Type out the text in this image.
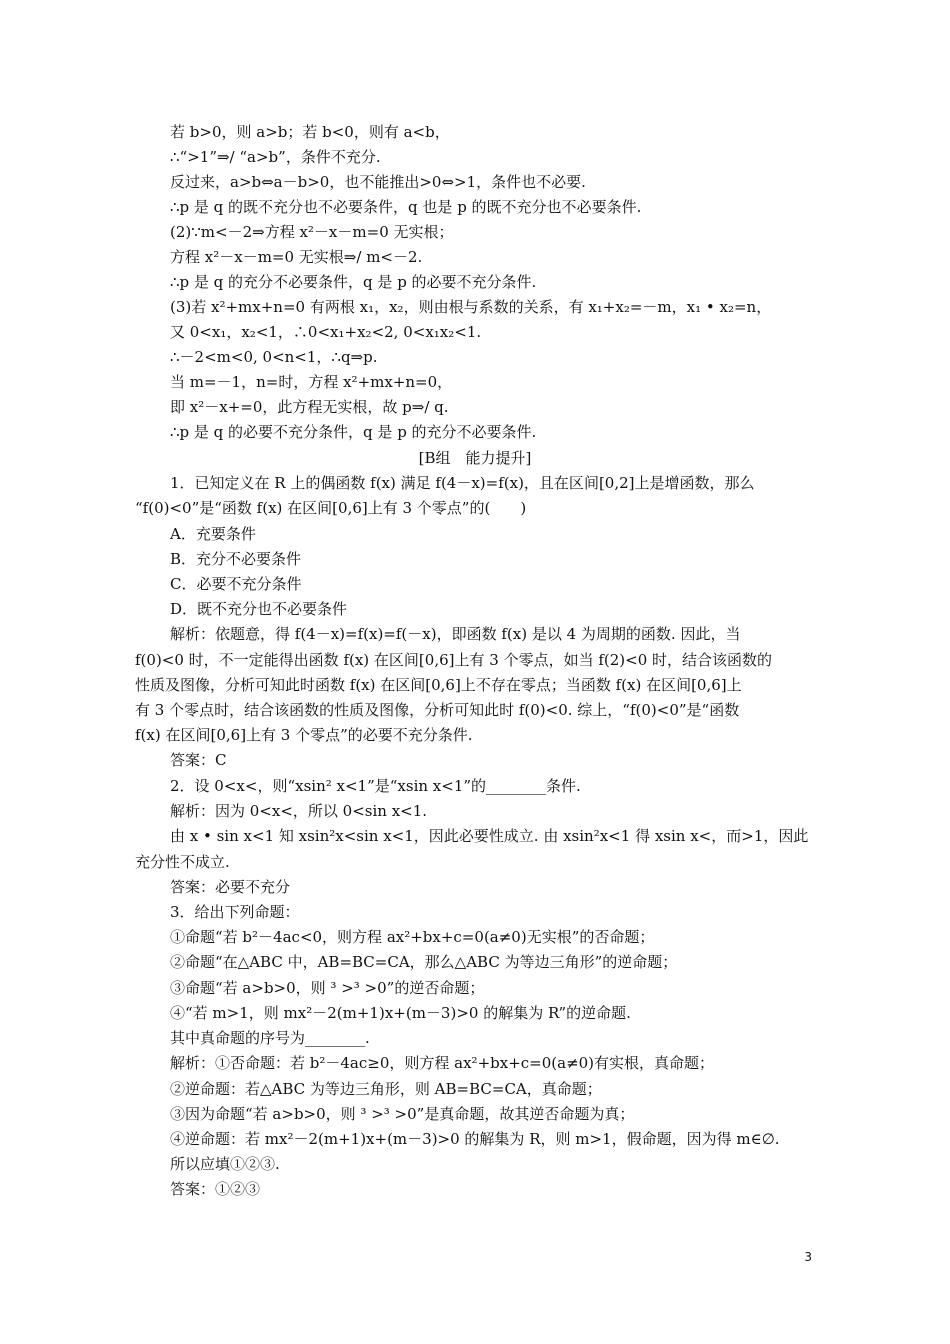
若 b>0，则 a>b；若 b<0，则有 a<b，
∴“>1”⇒/ “a>b”，条件不充分.
反过来，a>b⇔a－b>0，也不能推出>0⇔>1，条件也不必要.
∴p 是 q 的既不充分也不必要条件，q 也是 p 的既不充分也不必要条件.
(2)∵m<－2⇒方程 x²－x－m=0 无实根；
方程 x²－x－m=0 无实根⇒/ m<－2.
∴p 是 q 的充分不必要条件，q 是 p 的必要不充分条件.
(3)若 x²+mx+n=0 有两根 x₁，x₂，则由根与系数的关系，有 x₁+x₂=－m，x₁ • x₂=n，
又 0<x₁，x₂<1，∴0<x₁+x₂<2, 0<x₁x₂<1.
∴－2<m<0, 0<n<1，∴q⇒p.
当 m=－1，n=时，方程 x²+mx+n=0，
即 x²－x+=0，此方程无实根，故 p⇒/ q.
∴p 是 q 的必要不充分条件，q 是 p 的充分不必要条件.
[B组　能力提升]
1．已知定义在 R 上的偶函数 f(x) 满足 f(4－x)=f(x)，且在区间[0,2]上是增函数，那么
“f(0)<0”是“函数 f(x) 在区间[0,6]上有 3 个零点”的(　　)
A．充要条件
B．充分不必要条件
C．必要不充分条件
D．既不充分也不必要条件
解析：依题意，得 f(4－x)=f(x)=f(－x)，即函数 f(x) 是以 4 为周期的函数. 因此，当
f(0)<0 时，不一定能得出函数 f(x) 在区间[0,6]上有 3 个零点，如当 f(2)<0 时，结合该函数的
性质及图像，分析可知此时函数 f(x) 在区间[0,6]上不存在零点；当函数 f(x) 在区间[0,6]上
有 3 个零点时，结合该函数的性质及图像，分析可知此时 f(0)<0. 综上，“f(0)<0”是“函数
f(x) 在区间[0,6]上有 3 个零点”的必要不充分条件.
答案：C
2．设 0<x<，则“xsin² x<1”是“xsin x<1”的________条件.
解析：因为 0<x<，所以 0<sin x<1.
由 x • sin x<1 知 xsin²x<sin x<1，因此必要性成立. 由 xsin²x<1 得 xsin x<，而>1，因此
充分性不成立.
答案：必要不充分
3．给出下列命题：
①命题“若 b²－4ac<0，则方程 ax²+bx+c=0(a≠0)无实根”的否命题；
②命题“在△ABC 中，AB=BC=CA，那么△ABC 为等边三角形”的逆命题；
③命题“若 a>b>0，则 ³ >³ >0”的逆否命题；
④“若 m>1，则 mx²－2(m+1)x+(m－3)>0 的解集为 R”的逆命题.
其中真命题的序号为________.
解析：①否命题：若 b²－4ac≥0，则方程 ax²+bx+c=0(a≠0)有实根，真命题；
②逆命题：若△ABC 为等边三角形，则 AB=BC=CA，真命题；
③因为命题“若 a>b>0，则 ³ >³ >0”是真命题，故其逆否命题为真；
④逆命题：若 mx²－2(m+1)x+(m－3)>0 的解集为 R，则 m>1，假命题，因为得 m∈∅.
所以应填①②③.
答案：①②③
3
